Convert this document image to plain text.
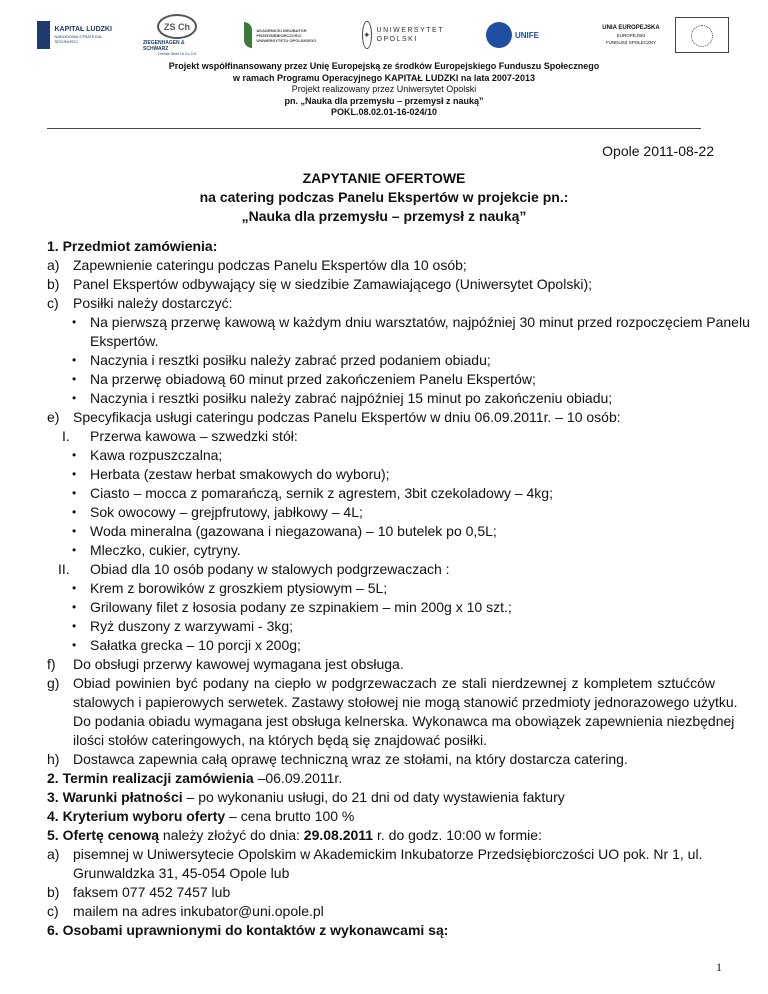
KAPITAŁ LUDZKI
NARODOWA STRATEGIA SPÓJNOŚCI
ZS Ch
ZIEGENHAGEN & SCHWARZ
Chemie GmbH & Co. KG
AKADEMICKI INKUBATOR PRZEDSIĘBIORCZOŚCI UNIWERSYTETU OPOLSKIEGO
✦ UNIWERSYTET
OPOLSKI	UNIFE
UNIA EUROPEJSKA
EUROPEJSKI
FUNDUSZ SPOŁECZNY
Projekt współfinansowany przez Unię Europejską ze środków Europejskiego Funduszu Społecznego
w ramach Programu Operacyjnego KAPITAŁ LUDZKI na lata 2007-2013
Projekt realizowany przez Uniwersytet Opolski
pn. „Nauka dla przemysłu – przemysł z nauką”
POKL.08.02.01-16-024/10
Opole 2011-08-22
ZAPYTANIE OFERTOWE
na catering podczas Panelu Ekspertów w projekcie pn.:
„Nauka dla przemysłu – przemysł z nauką”
1. Przedmiot zamówienia:
a) Zapewnienie cateringu podczas Panelu Ekspertów dla 10 osób;
b) Panel Ekspertów odbywający się w siedzibie Zamawiającego (Uniwersytet Opolski);
c) Posiłki należy dostarczyć:
• Na pierwszą przerwę kawową w każdym dniu warsztatów, najpóźniej 30 minut przed rozpoczęciem Panelu
Ekspertów.
• Naczynia i resztki posiłku należy zabrać przed podaniem obiadu;
• Na przerwę obiadową 60 minut przed zakończeniem Panelu Ekspertów;
• Naczynia i resztki posiłku należy zabrać najpóźniej 15 minut po zakończeniu obiadu;
e) Specyfikacja usługi cateringu podczas Panelu Ekspertów w dniu 06.09.2011r. – 10 osób:
I. Przerwa kawowa – szwedzki stół:
• Kawa rozpuszczalna;
• Herbata (zestaw herbat smakowych do wyboru);
• Ciasto – mocca z pomarańczą, sernik z agrestem, 3bit czekoladowy – 4kg;
• Sok owocowy – grejpfrutowy, jabłkowy – 4L;
• Woda mineralna (gazowana i niegazowana) – 10 butelek po 0,5L;
• Mleczko, cukier, cytryny.
II. Obiad dla 10 osób podany w stalowych podgrzewaczach :
• Krem z borowików z groszkiem ptysiowym – 5L;
• Grilowany filet z łososia podany ze szpinakiem – min 200g x 10 szt.;
• Ryż duszony z warzywami - 3kg;
• Sałatka grecka – 10 porcji x 200g;
f) Do obsługi przerwy kawowej wymagana jest obsługa.
g) Obiad powinien być podany na ciepło w podgrzewaczach ze stali nierdzewnej z kompletem sztućców
stalowych i papierowych serwetek. Zastawy stołowej nie mogą stanowić przedmioty jednorazowego użytku.
Do podania obiadu wymagana jest obsługa kelnerska. Wykonawca ma obowiązek zapewnienia niezbędnej
ilości stołów cateringowych, na których będą się znajdować posiłki.
h) Dostawca zapewnia całą oprawę techniczną wraz ze stołami, na który dostarcza catering.
2. Termin realizacji zamówienia –06.09.2011r.
3. Warunki płatności – po wykonaniu usługi, do 21 dni od daty wystawienia faktury
4. Kryterium wyboru oferty – cena brutto 100 %
5. Ofertę cenową należy złożyć do dnia: 29.08.2011 r. do godz. 10:00 w formie:
a) pisemnej w Uniwersytecie Opolskim w Akademickim Inkubatorze Przedsiębiorczości UO pok. Nr 1, ul.
Grunwaldzka 31, 45-054 Opole lub
b) faksem 077 452 7457 lub
c) mailem na adres inkubator@uni.opole.pl
6. Osobami uprawnionymi do kontaktów z wykonawcami są:
1
